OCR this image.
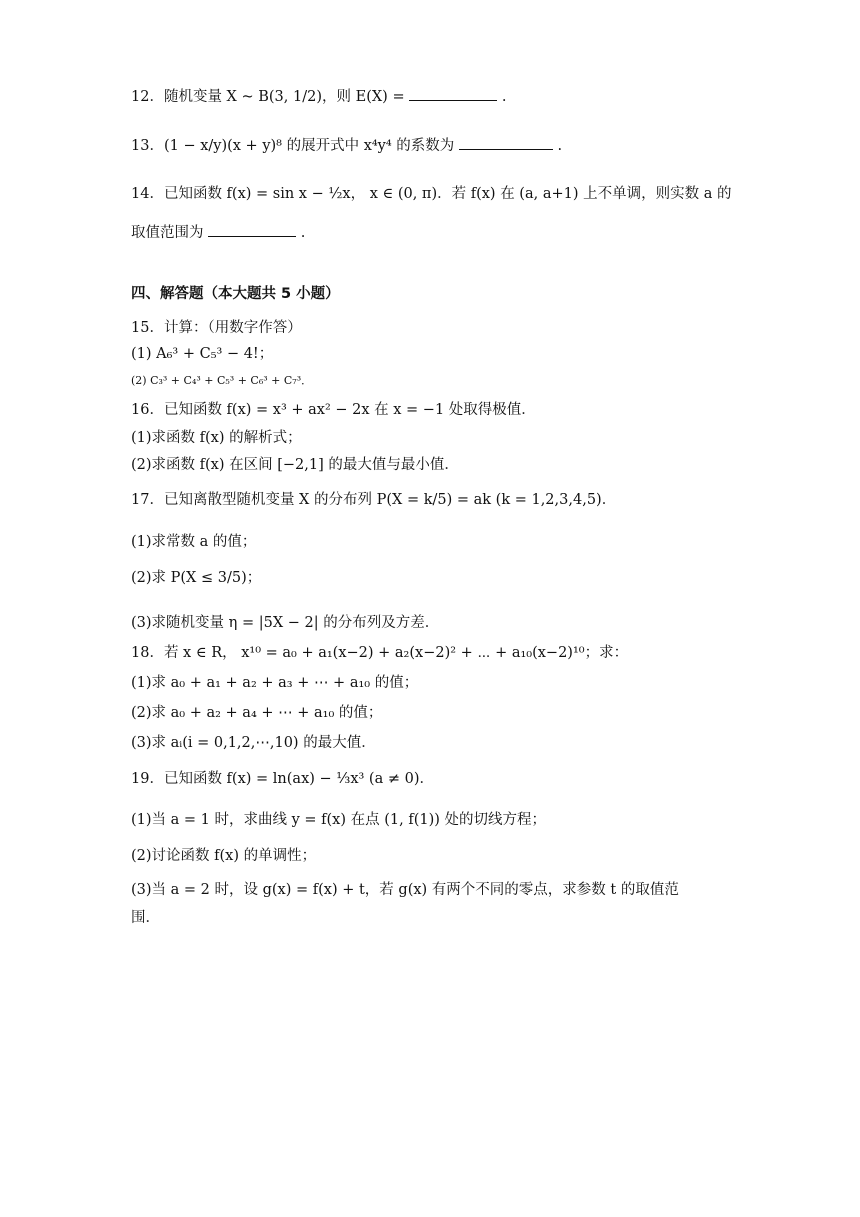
12．随机变量 X ~ B(3, 1/2)，则 E(X) =	.
13．(1 − x/y)(x + y)⁸ 的展开式中 x⁴y⁴ 的系数为	.
14．已知函数 f(x) = sin x − ½x， x ∈ (0, π)．若 f(x) 在 (a, a+1) 上不单调，则实数 a 的
取值范围为	.
四、解答题（本大题共 5 小题）
15．计算：（用数字作答）
(1) A₆³ + C₅³ − 4!；
(2) C₃³ + C₄³ + C₅³ + C₆³ + C₇³．
16．已知函数 f(x) = x³ + ax² − 2x 在 x = −1 处取得极值．
(1)求函数 f(x) 的解析式；
(2)求函数 f(x) 在区间 [−2,1] 的最大值与最小值．
17．已知离散型随机变量 X 的分布列 P(X = k/5) = ak (k = 1,2,3,4,5)．
(1)求常数 a 的值；
(2)求 P(X ≤ 3/5)；
(3)求随机变量 η = |5X − 2| 的分布列及方差．
18．若 x ∈ R， x¹⁰ = a₀ + a₁(x−2) + a₂(x−2)² + ⋯ + a₁₀(x−2)¹⁰；求：
(1)求 a₀ + a₁ + a₂ + a₃ + ⋯ + a₁₀ 的值；
(2)求 a₀ + a₂ + a₄ + ⋯ + a₁₀ 的值；
(3)求 aᵢ(i = 0,1,2,⋯,10) 的最大值．
19．已知函数 f(x) = ln(ax) − ⅓x³ (a ≠ 0)．
(1)当 a = 1 时，求曲线 y = f(x) 在点 (1, f(1)) 处的切线方程；
(2)讨论函数 f(x) 的单调性；
(3)当 a = 2 时，设 g(x) = f(x) + t，若 g(x) 有两个不同的零点，求参数 t 的取值范
围．
